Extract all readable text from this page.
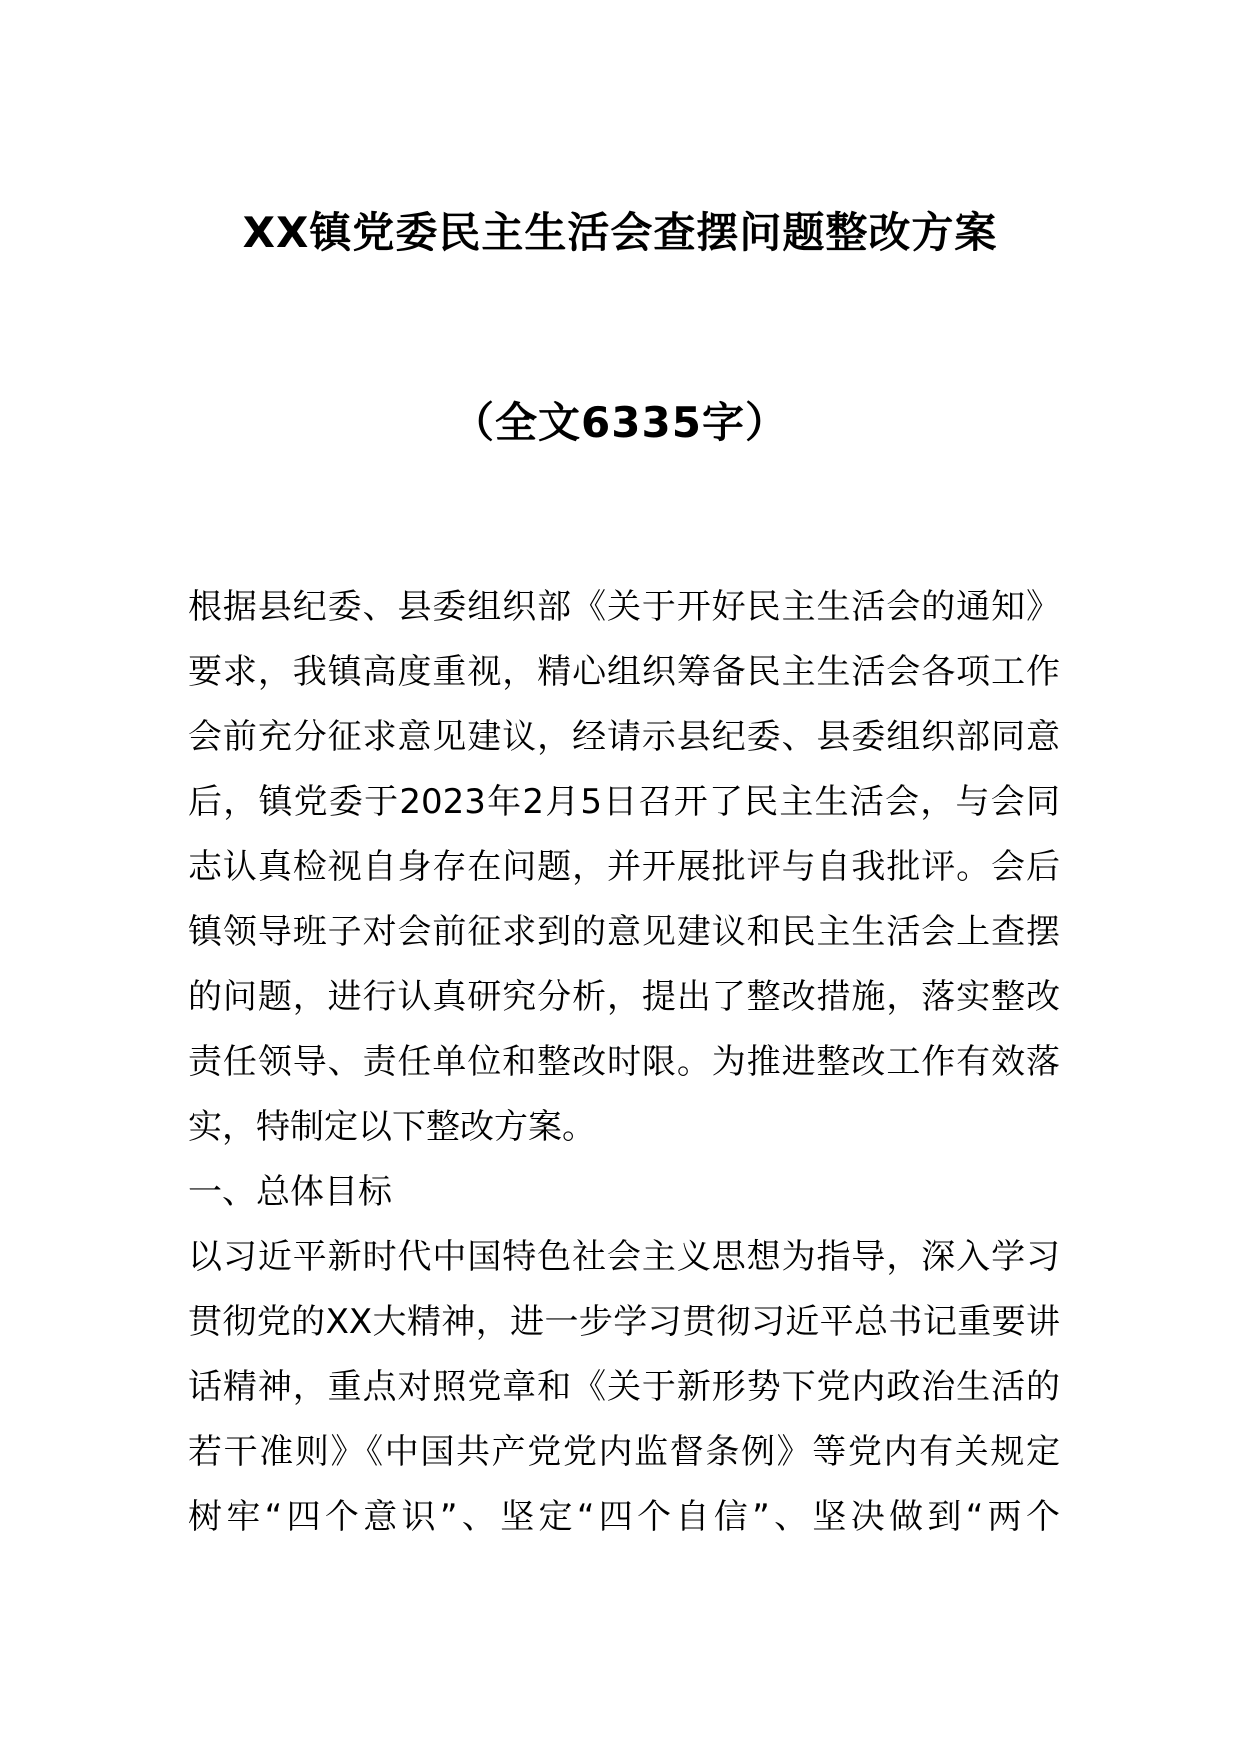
XX镇党委民主生活会查摆问题整改方案
（全文6335字）
根据县纪委、县委组织部《关于开好民主生活会的通知》
要求，我镇高度重视，精心组织筹备民主生活会各项工作
会前充分征求意见建议，经请示县纪委、县委组织部同意
后，镇党委于2023年2月5日召开了民主生活会，与会同
志认真检视自身存在问题，并开展批评与自我批评。会后
镇领导班子对会前征求到的意见建议和民主生活会上查摆
的问题，进行认真研究分析，提出了整改措施，落实整改
责任领导、责任单位和整改时限。为推进整改工作有效落
实，特制定以下整改方案。
一、总体目标
以习近平新时代中国特色社会主义思想为指导，深入学习
贯彻党的XX大精神，进一步学习贯彻习近平总书记重要讲
话精神，重点对照党章和《关于新形势下党内政治生活的
若干准则》《中国共产党党内监督条例》等党内有关规定
树牢“四个意识”、坚定“四个自信”、坚决做到“两个
